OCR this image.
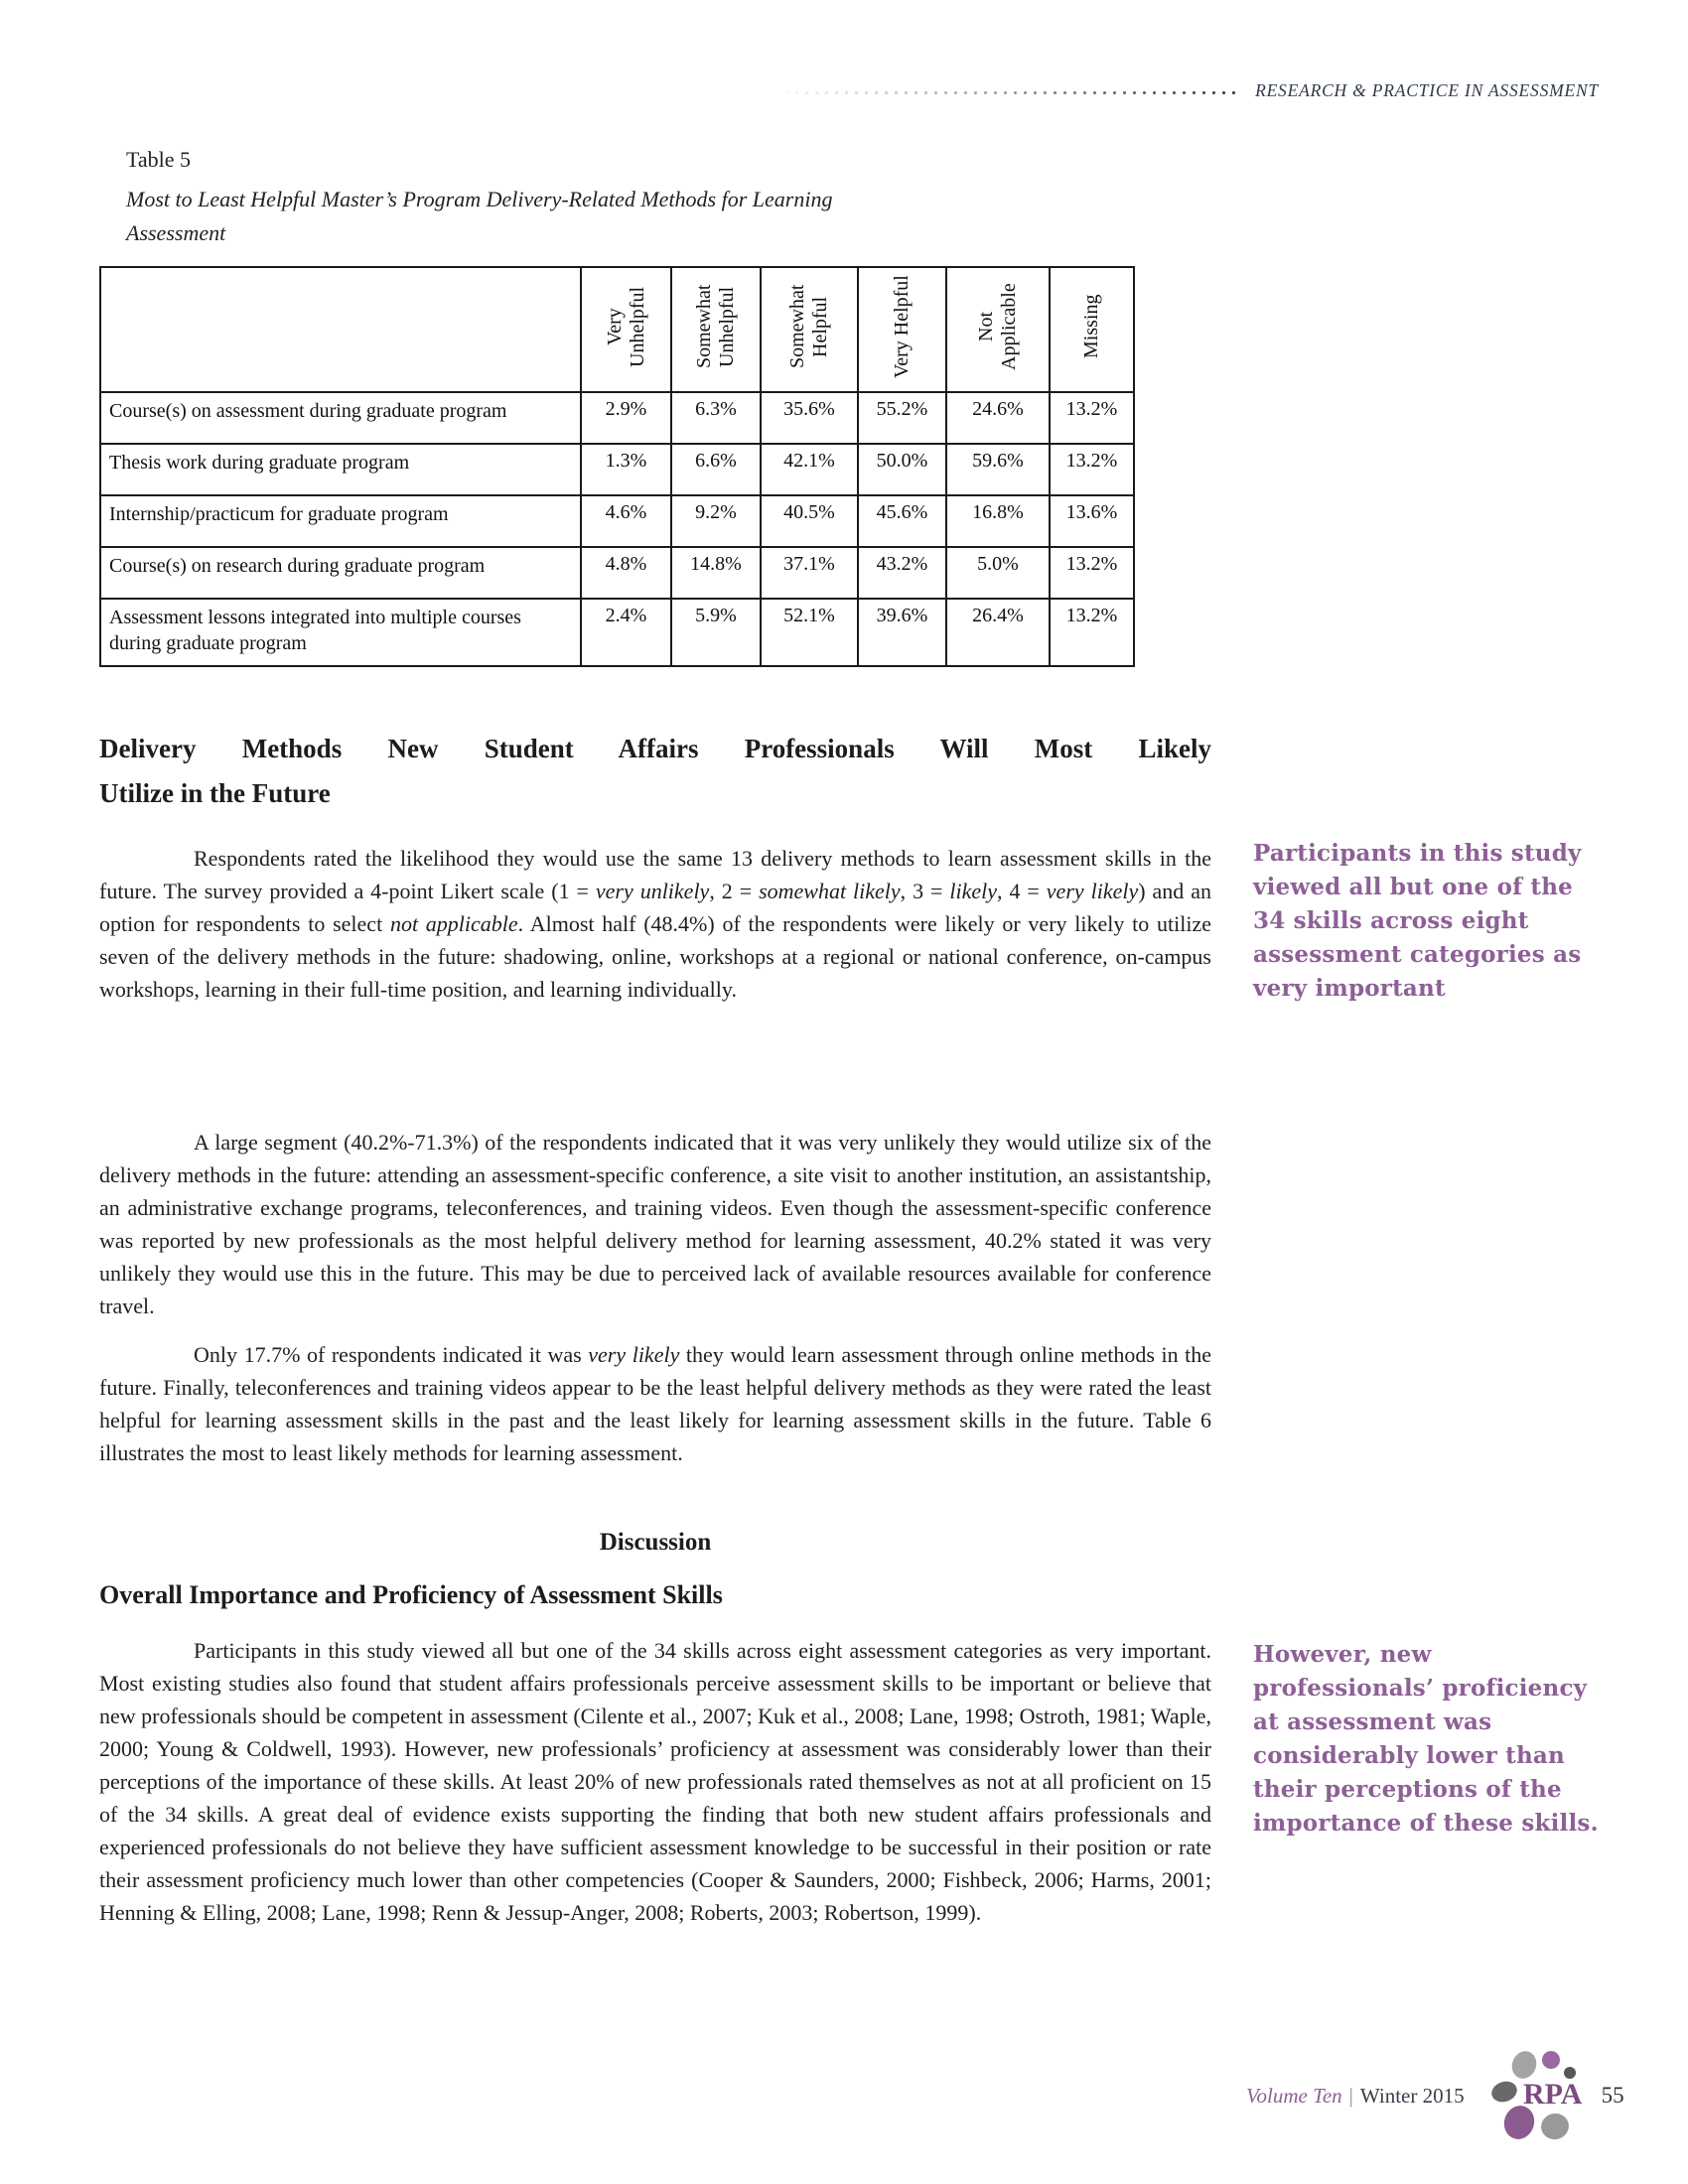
RESEARCH & PRACTICE IN ASSESSMENT
Table 5
Most to Least Helpful Master’s Program Delivery-Related Methods for Learning Assessment
	Very Unhelpful	Somewhat Unhelpful	Somewhat Helpful	Very Helpful	Not Applicable	Missing
Course(s) on assessment during graduate program	2.9%	6.3%	35.6%	55.2%	24.6%	13.2%
Thesis work during graduate program	1.3%	6.6%	42.1%	50.0%	59.6%	13.2%
Internship/practicum for graduate program	4.6%	9.2%	40.5%	45.6%	16.8%	13.6%
Course(s) on research during graduate program	4.8%	14.8%	37.1%	43.2%	5.0%	13.2%
Assessment lessons integrated into multiple courses during graduate program	2.4%	5.9%	52.1%	39.6%	26.4%	13.2%
Delivery Methods New Student Affairs Professionals Will Most Likely
Utilize in the Future

Respondents rated the likelihood they would use the same 13 delivery methods to learn assessment skills in the future. The survey provided a 4-point Likert scale (1 = very unlikely, 2 = somewhat likely, 3 = likely, 4 = very likely) and an option for respondents to select not applicable. Almost half (48.4%) of the respondents were likely or very likely to utilize seven of the delivery methods in the future: shadowing, online, workshops at a regional or national conference, on-campus workshops, learning in their full-time position, and learning individually.

A large segment (40.2%-71.3%) of the respondents indicated that it was very unlikely they would utilize six of the delivery methods in the future: attending an assessment-specific conference, a site visit to another institution, an assistantship, an administrative exchange programs, teleconferences, and training videos. Even though the assessment-specific conference was reported by new professionals as the most helpful delivery method for learning assessment, 40.2% stated it was very unlikely they would use this in the future. This may be due to perceived lack of available resources available for conference travel.

Only 17.7% of respondents indicated it was very likely they would learn assessment through online methods in the future. Finally, teleconferences and training videos appear to be the least helpful delivery methods as they were rated the least helpful for learning assessment skills in the past and the least likely for learning assessment skills in the future. Table 6 illustrates the most to least likely methods for learning assessment.

Discussion
Overall Importance and Proficiency of Assessment Skills

Participants in this study viewed all but one of the 34 skills across eight assessment categories as very important. Most existing studies also found that student affairs professionals perceive assessment skills to be important or believe that new professionals should be competent in assessment (Cilente et al., 2007; Kuk et al., 2008; Lane, 1998; Ostroth, 1981; Waple, 2000; Young & Coldwell, 1993). However, new professionals’ proficiency at assessment was considerably lower than their perceptions of the importance of these skills. At least 20% of new professionals rated themselves as not at all proficient on 15 of the 34 skills. A great deal of evidence exists supporting the finding that both new student affairs professionals and experienced professionals do not believe they have sufficient assessment knowledge to be successful in their position or rate their assessment proficiency much lower than other competencies (Cooper & Saunders, 2000; Fishbeck, 2006; Harms, 2001; Henning & Elling, 2008; Lane, 1998; Renn & Jessup-Anger, 2008; Roberts, 2003; Robertson, 1999).

Participants in this study viewed all but one of the 34 skills across eight assessment categories as very important
However, new professionals’ proficiency at assessment was considerably lower than their perceptions of the importance of these skills.
Volume Ten | Winter 2015 RPA 55
